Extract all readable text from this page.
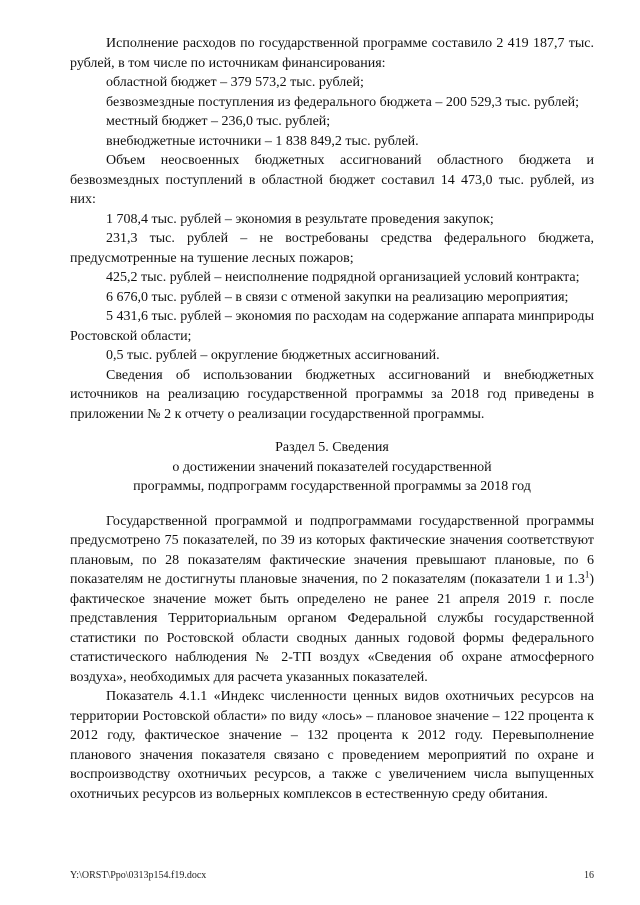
Исполнение расходов по государственной программе составило 2 419 187,7 тыс. рублей, в том числе по источникам финансирования:

областной бюджет – 379 573,2 тыс. рублей;

безвозмездные поступления из федерального бюджета – 200 529,3 тыс. рублей;

местный бюджет – 236,0 тыс. рублей;

внебюджетные источники – 1 838 849,2 тыс. рублей.

Объем неосвоенных бюджетных ассигнований областного бюджета и безвозмездных поступлений в областной бюджет составил 14 473,0 тыс. рублей, из них:

1 708,4 тыс. рублей – экономия в результате проведения закупок;

231,3 тыс. рублей – не востребованы средства федерального бюджета, предусмотренные на тушение лесных пожаров;

425,2 тыс. рублей – неисполнение подрядной организацией условий контракта;

6 676,0 тыс. рублей – в связи с отменой закупки на реализацию мероприятия;

5 431,6 тыс. рублей – экономия по расходам на содержание аппарата минприроды Ростовской области;

0,5 тыс. рублей – округление бюджетных ассигнований.

Сведения об использовании бюджетных ассигнований и внебюджетных источников на реализацию государственной программы за 2018 год приведены в приложении № 2 к отчету о реализации государственной программы.

Раздел 5. Сведения

о достижении значений показателей государственной

программы, подпрограмм государственной программы за 2018 год

Государственной программой и подпрограммами государственной программы предусмотрено 75 показателей, по 39 из которых фактические значения соответствуют плановым, по 28 показателям фактические значения превышают плановые, по 6 показателям не достигнуты плановые значения, по 2 показателям (показатели 1 и $1.3^1$) фактическое значение может быть определено не ранее 21 апреля 2019 г. после представления Территориальным органом Федеральной службы государственной статистики по Ростовской области сводных данных годовой формы федерального статистического наблюдения № 2-ТП воздух «Сведения об охране атмосферного воздуха», необходимых для расчета указанных показателей.

Показатель 4.1.1 «Индекс численности ценных видов охотничьих ресурсов на территории Ростовской области» по виду «лось» – плановое значение – 122 процента к 2012 году, фактическое значение – 132 процента к 2012 году. Перевыполнение планового значения показателя связано с проведением мероприятий по охране и воспроизводству охотничьих ресурсов, а также с увеличением числа выпущенных охотничьих ресурсов из вольерных комплексов в естественную среду обитания.

Y:\ORST\Ppo\0313p154.f19.docx	16
